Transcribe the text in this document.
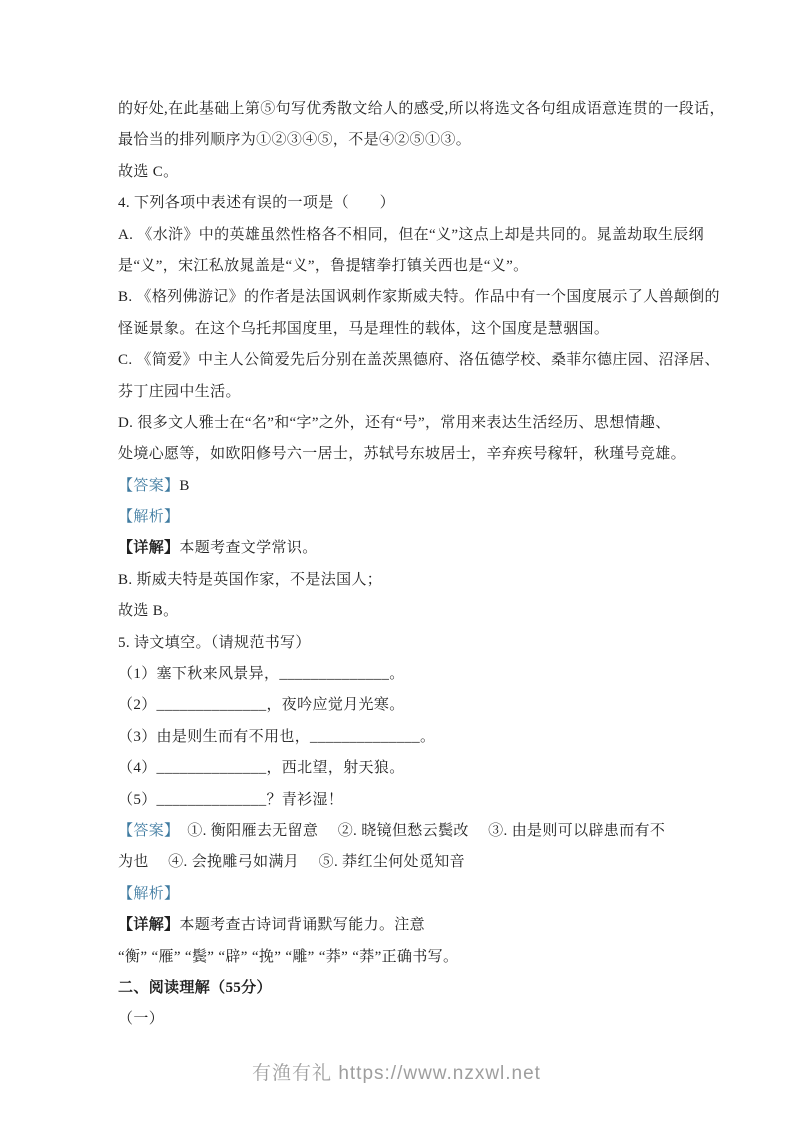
的好处,在此基础上第⑤句写优秀散文给人的感受,所以将选文各句组成语意连贯的一段话，
最恰当的排列顺序为①②③④⑤，不是④②⑤①③。
故选 C。
4. 下列各项中表述有误的一项是（　　）
A. 《水浒》中的英雄虽然性格各不相同，但在“义”这点上却是共同的。晁盖劫取生辰纲
是“义”，宋江私放晁盖是“义”，鲁提辖拳打镇关西也是“义”。
B. 《格列佛游记》的作者是法国讽刺作家斯威夫特。作品中有一个国度展示了人兽颠倒的
怪诞景象。在这个乌托邦国度里，马是理性的载体，这个国度是慧骃国。
C. 《简爱》中主人公简爱先后分别在盖茨黑德府、洛伍德学校、桑菲尔德庄园、沼泽居、
芬丁庄园中生活。
D. 很多文人雅士在“名”和“字”之外，还有“号”，常用来表达生活经历、思想情趣、
处境心愿等，如欧阳修号六一居士，苏轼号东坡居士，辛弃疾号稼轩，秋瑾号竞雄。
【答案】B
【解析】
【详解】本题考查文学常识。
B. 斯威夫特是英国作家，不是法国人；
故选 B。
5. 诗文填空。（请规范书写）
（1）塞下秋来风景异，______________。
（2）______________，夜吟应觉月光寒。
（3）由是则生而有不用也，______________。
（4）______________，西北望，射天狼。
（5）______________？青衫湿！
【答案】　①. 衡阳雁去无留意　 ②. 晓镜但愁云鬓改　 ③. 由是则可以辟患而有不
为也　 ④. 会挽雕弓如满月　 ⑤. 莽红尘何处觅知音
【解析】
【详解】本题考查古诗词背诵默写能力。注意
“衡” “雁” “鬓” “辟” “挽” “雕” “莽” “莽”正确书写。
二、阅读理解（55分）
（一）
有渔有礼 https://www.nzxwl.net
